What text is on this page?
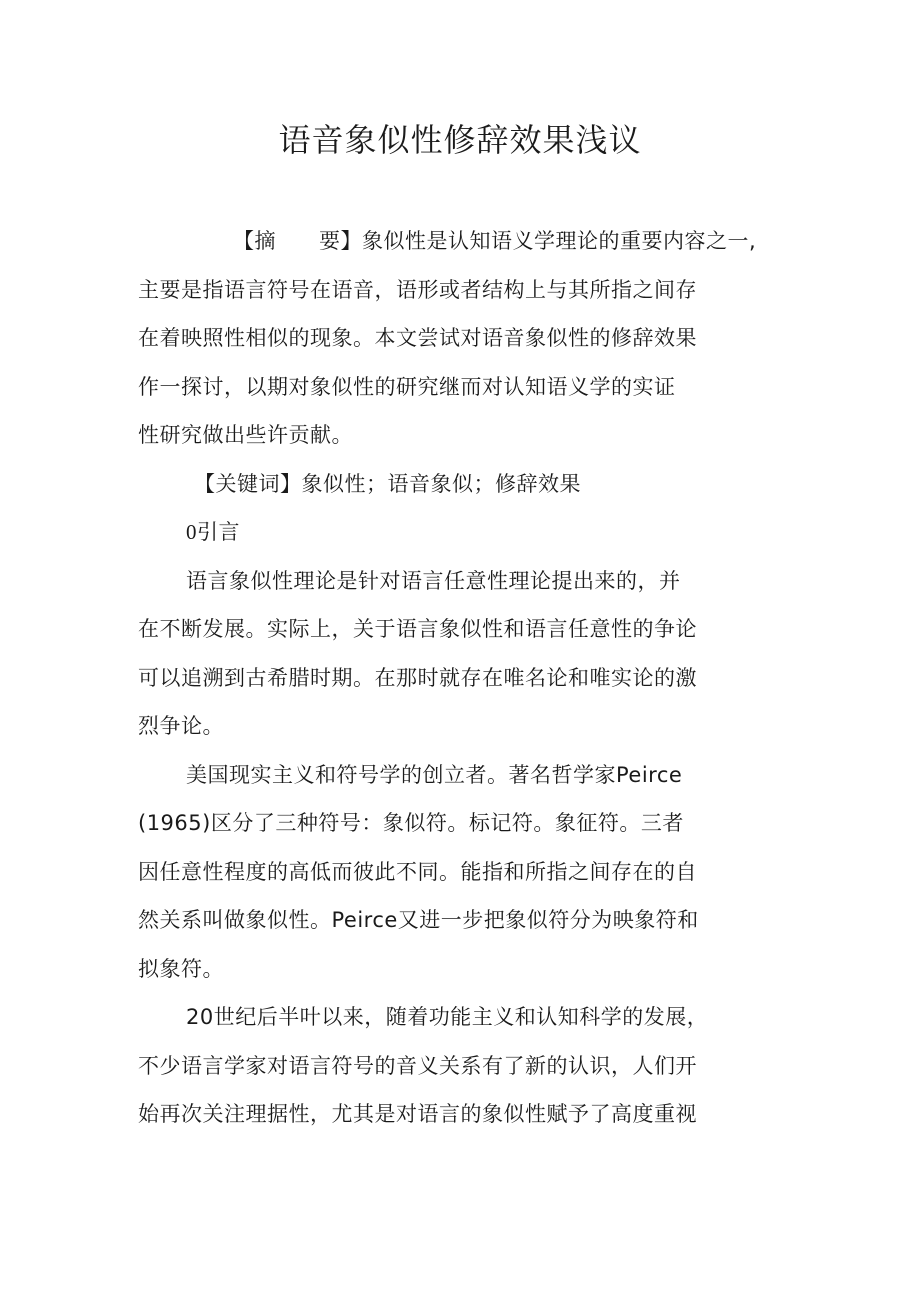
语音象似性修辞效果浅议
【摘　　要】象似性是认知语义学理论的重要内容之一,
主要是指语言符号在语音，语形或者结构上与其所指之间存
在着映照性相似的现象。本文尝试对语音象似性的修辞效果
作一探讨，以期对象似性的研究继而对认知语义学的实证
性研究做出些许贡献。
【关键词】象似性；语音象似；修辞效果
0引言
语言象似性理论是针对语言任意性理论提出来的，并
在不断发展。实际上，关于语言象似性和语言任意性的争论
可以追溯到古希腊时期。在那时就存在唯名论和唯实论的激
烈争论。
美国现实主义和符号学的创立者。著名哲学家Peirce
(1965)区分了三种符号：象似符。标记符。象征符。三者
因任意性程度的高低而彼此不同。能指和所指之间存在的自
然关系叫做象似性。Peirce又进一步把象似符分为映象符和
拟象符。
20世纪后半叶以来，随着功能主义和认知科学的发展，
不少语言学家对语言符号的音义关系有了新的认识，人们开
始再次关注理据性，尤其是对语言的象似性赋予了高度重视
